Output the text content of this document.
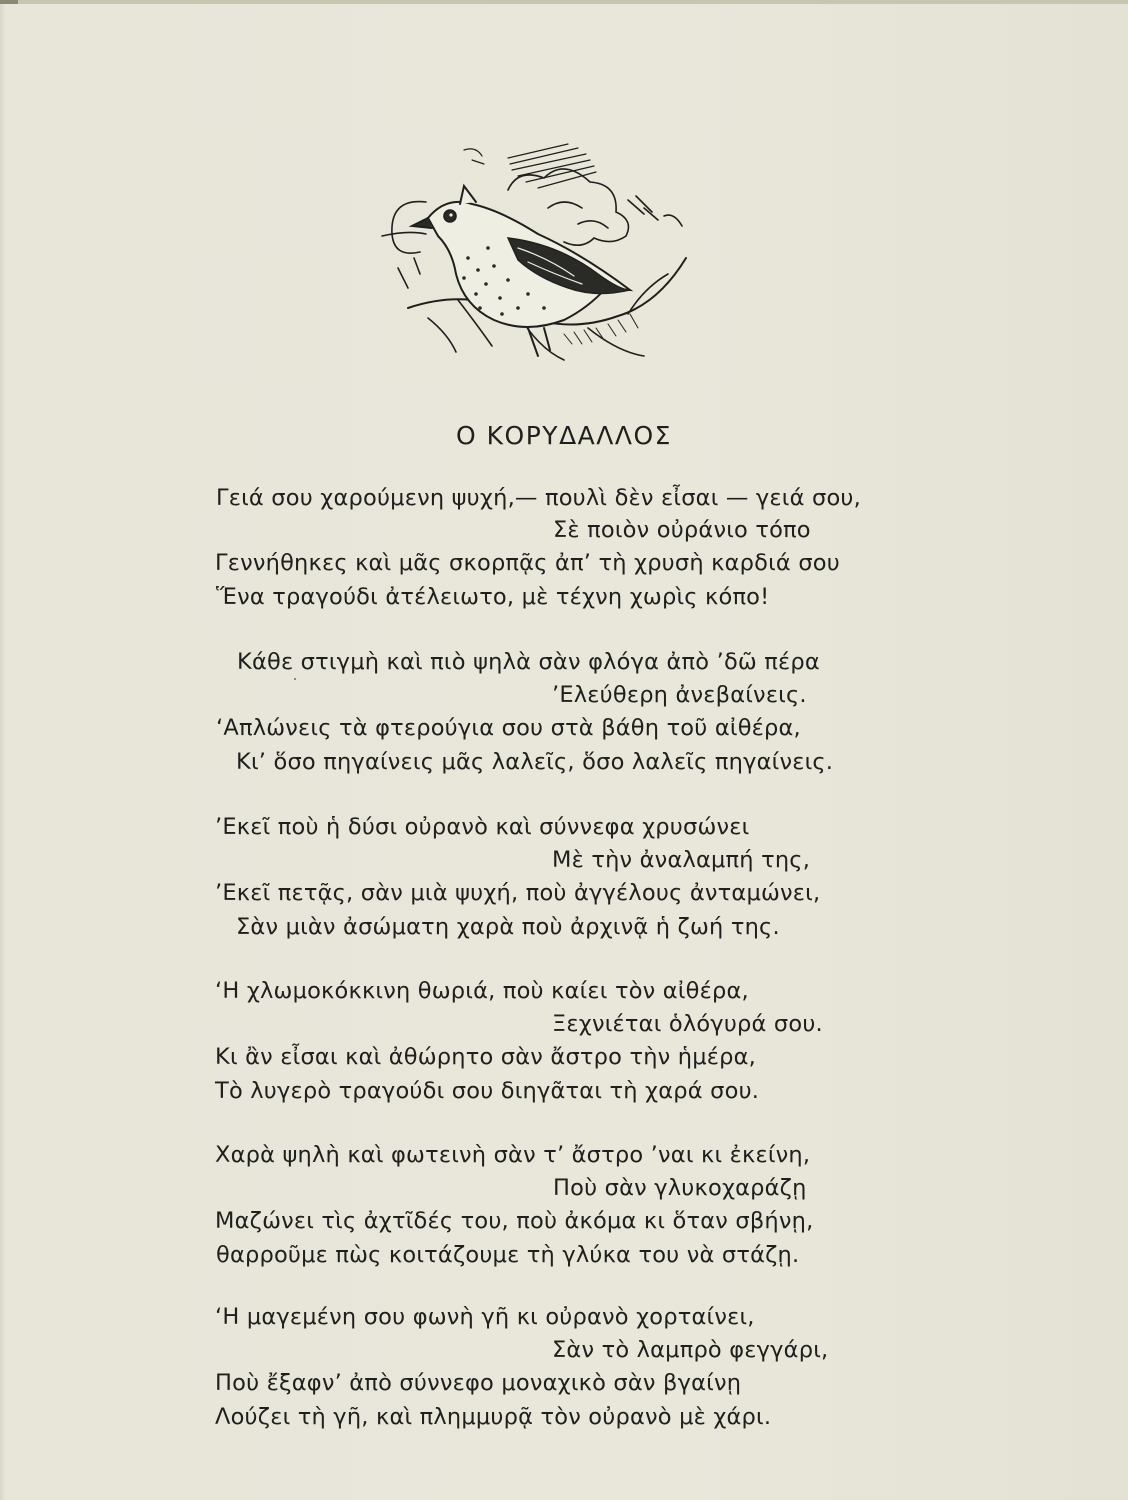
Ο ΚΟΡΥΔΑΛΛΟΣ
Γειά σου χαρούμενη ψυχή,— πουλὶ δὲν εἶσαι — γειά σου,
Σὲ ποιὸν οὐράνιο τόπο
Γεννήθηκες καὶ μᾶς σκορπᾷς ἀπ’ τὴ χρυσὴ καρδιά σου
Ἕνα τραγούδι ἀτέλειωτο, μὲ τέχνη χωρὶς κόπο!
Κάθε στιγμὴ καὶ πιὸ ψηλὰ σὰν φλόγα ἀπὸ ’δῶ πέρα
’Ελεύθερη ἀνεβαίνεις.
‘Απλώνεις τὰ φτερούγια σου στὰ βάθη τοῦ αἰθέρα,
Κι’ ὅσο πηγαίνεις μᾶς λαλεῖς, ὅσο λαλεῖς πηγαίνεις.
’Εκεῖ ποὺ ἡ δύσι οὐρανὸ καὶ σύννεφα χρυσώνει
Μὲ τὴν ἀναλαμπή της,
’Εκεῖ πετᾷς, σὰν μιὰ ψυχή, ποὺ ἀγγέλους ἀνταμώνει,
Σὰν μιὰν ἀσώματη χαρὰ ποὺ ἀρχινᾷ ἡ ζωή της.
‘Η χλωμοκόκκινη θωριά, ποὺ καίει τὸν αἰθέρα,
Ξεχνιέται ὁλόγυρά σου.
Κι ἂν εἶσαι καὶ ἀθώρητο σὰν ἄστρο τὴν ἡμέρα,
Τὸ λυγερὸ τραγούδι σου διηγᾶται τὴ χαρά σου.
Χαρὰ ψηλὴ καὶ φωτεινὴ σὰν τ’ ἄστρο ’ναι κι ἐκείνη,
Ποὺ σὰν γλυκοχαράζῃ
Μαζώνει τὶς ἀχτῖδές του, ποὺ ἀκόμα κι ὅταν σβήνῃ,
θαρροῦμε πὼς κοιτάζουμε τὴ γλύκα του νὰ στάζῃ.
‘Η μαγεμένη σου φωνὴ γῆ κι οὐρανὸ χορταίνει,
Σὰν τὸ λαμπρὸ φεγγάρι,
Ποὺ ἔξαφν’ ἀπὸ σύννεφο μοναχικὸ σὰν βγαίνῃ
Λούζει τὴ γῆ, καὶ πλημμυρᾷ τὸν οὐρανὸ μὲ χάρι.
